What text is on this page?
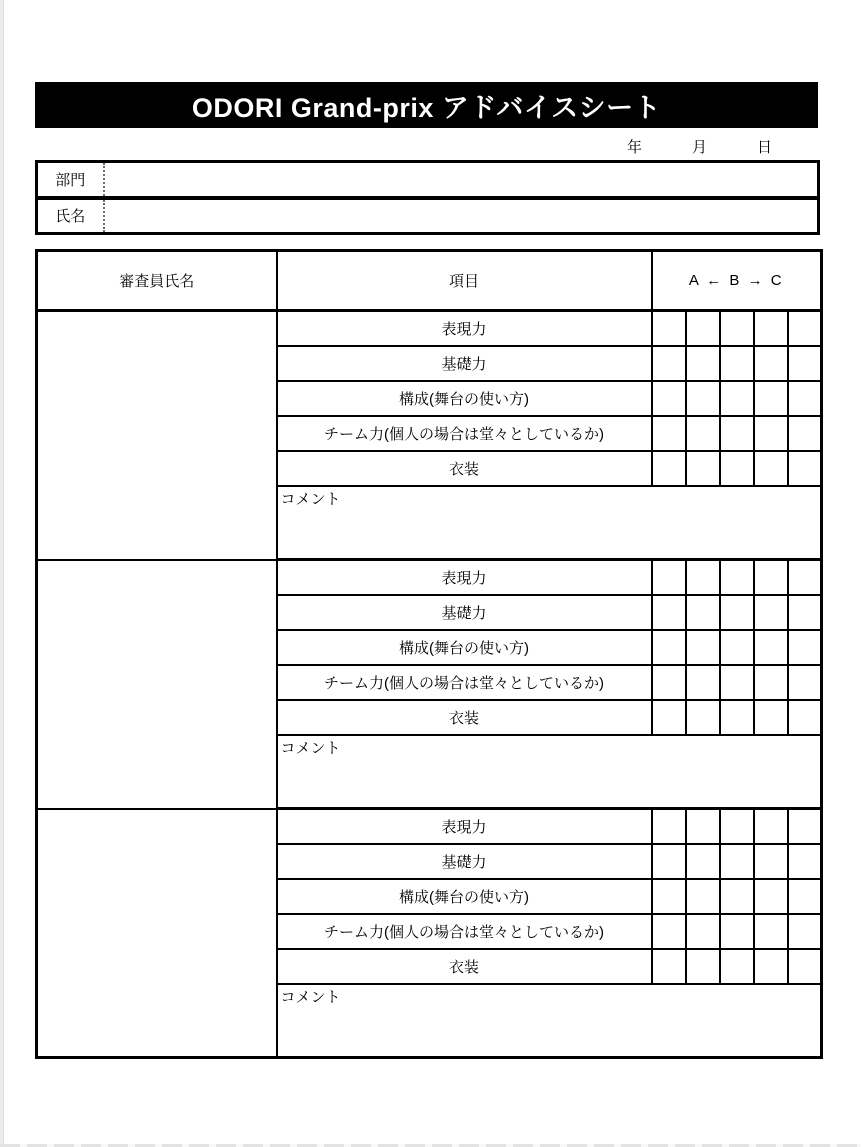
ODORI Grand-prix アドバイスシート
年	月	日
部門	
氏名	
審査員氏名	項目	A ← B → C				
	表現力					
	基礎力					
	構成(舞台の使い方)					
	チーム力(個人の場合は堂々としているか)					
	衣装					
	コメント					
	表現力					
	基礎力					
	構成(舞台の使い方)					
	チーム力(個人の場合は堂々としているか)					
	衣装					
	コメント					
	表現力					
	基礎力					
	構成(舞台の使い方)					
	チーム力(個人の場合は堂々としているか)					
	衣装					
	コメント					
